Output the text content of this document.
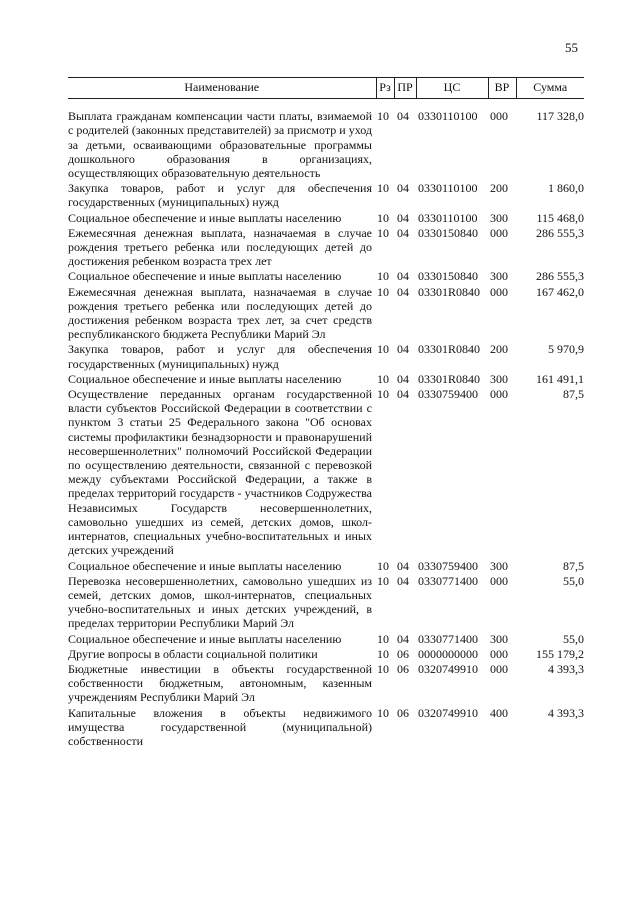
55
Наименование	Рз	ПР	ЦС	ВР	Сумма

Выплата гражданам компенсации части платы, взимаемой с родителей (законных представителей) за присмотр и уход за детьми, осваивающими образовательные программы дошкольного образования в организациях, осуществляющих образовательную деятельность	10	04	0330110100	000	117 328,0
Закупка товаров, работ и услуг для обеспечения государственных (муниципальных) нужд	10	04	0330110100	200	1 860,0
Социальное обеспечение и иные выплаты населению	10	04	0330110100	300	115 468,0
Ежемесячная денежная выплата, назначаемая в случае рождения третьего ребенка или последующих детей до достижения ребенком возраста трех лет	10	04	0330150840	000	286 555,3
Социальное обеспечение и иные выплаты населению	10	04	0330150840	300	286 555,3
Ежемесячная денежная выплата, назначаемая в случае рождения третьего ребенка или последующих детей до достижения ребенком возраста трех лет, за счет средств республиканского бюджета Республики Марий Эл	10	04	03301R0840	000	167 462,0
Закупка товаров, работ и услуг для обеспечения государственных (муниципальных) нужд	10	04	03301R0840	200	5 970,9
Социальное обеспечение и иные выплаты населению	10	04	03301R0840	300	161 491,1
Осуществление переданных органам государственной власти субъектов Российской Федерации в соответствии с пунктом 3 статьи 25 Федерального закона "Об основах системы профилактики безнадзорности и правонарушений несовершеннолетних" полномочий Российской Федерации по осуществлению деятельности, связанной с перевозкой между субъектами Российской Федерации, а также в пределах территорий государств - участников Содружества Независимых Государств несовершеннолетних, самовольно ушедших из семей, детских домов, школ-интернатов, специальных учебно-воспитательных и иных детских учреждений	10	04	0330759400	000	87,5
Социальное обеспечение и иные выплаты населению	10	04	0330759400	300	87,5
Перевозка несовершеннолетних, самовольно ушедших из семей, детских домов, школ-интернатов, специальных учебно-воспитательных и иных детских учреждений, в пределах территории Республики Марий Эл	10	04	0330771400	000	55,0
Социальное обеспечение и иные выплаты населению	10	04	0330771400	300	55,0
Другие вопросы в области социальной политики	10	06	0000000000	000	155 179,2
Бюджетные инвестиции в объекты государственной собственности бюджетным, автономным, казенным учреждениям Республики Марий Эл	10	06	0320749910	000	4 393,3
Капитальные вложения в объекты недвижимого имущества государственной (муниципальной) собственности	10	06	0320749910	400	4 393,3
